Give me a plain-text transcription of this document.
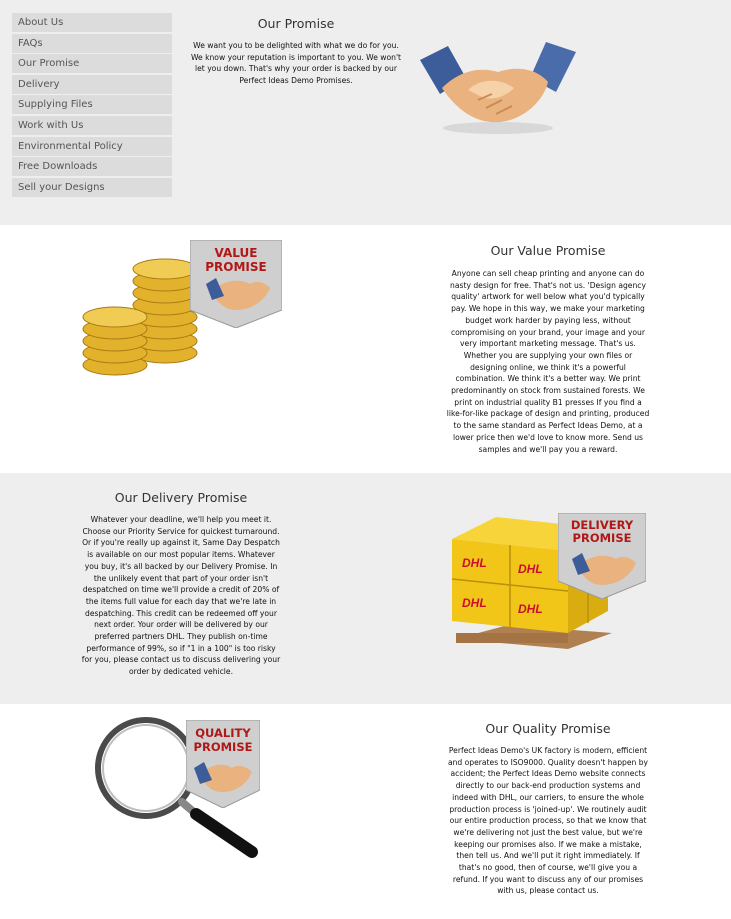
About Us
FAQs
Our Promise
Delivery
Supplying Files
Work with Us
Environmental Policy
Free Downloads
Sell your Designs
Our Promise
We want you to be delighted with what we do for you. We know your reputation is important to you. We won't let you down. That's why your order is backed by our Perfect Ideas Demo Promises.
VALUE
PROMISE
Our Value Promise
Anyone can sell cheap printing and anyone can do nasty design for free. That's not us. 'Design agency quality' artwork for well below what you'd typically pay. We hope in this way, we make your marketing budget work harder by paying less, without compromising on your brand, your image and your very important marketing message. That's us. Whether you are supplying your own files or designing online, we think it's a powerful combination. We think it's a better way. We print predominantly on stock from sustained forests. We print on industrial quality B1 presses If you find a like-for-like package of design and printing, produced to the same standard as Perfect Ideas Demo, at a lower price then we'd love to know more. Send us samples and we'll pay you a reward.
Our Delivery Promise
Whatever your deadline, we'll help you meet it. Choose our Priority Service for quickest turnaround. Or if you're really up against it, Same Day Despatch is available on our most popular items. Whatever you buy, it's all backed by our Delivery Promise. In the unlikely event that part of your order isn't despatched on time we'll provide a credit of 20% of the items full value for each day that we're late in despatching. This credit can be redeemed off your next order. Your order will be delivered by our preferred partners DHL. They publish on-time performance of 99%, so if "1 in a 100" is too risky for you, please contact us to discuss delivering your order by dedicated vehicle.
DHL	DHL
DHL	DHL
DELIVERY
PROMISE
QUALITY
PROMISE
Our Quality Promise
Perfect Ideas Demo's UK factory is modern, efficient and operates to ISO9000. Quality doesn't happen by accident; the Perfect Ideas Demo website connects directly to our back-end production systems and indeed with DHL, our carriers, to ensure the whole production process is 'joined-up'. We routinely audit our entire production process, so that we know that we're delivering not just the best value, but we're keeping our promises also. If we make a mistake, then tell us. And we'll put it right immediately. If that's no good, then of course, we'll give you a refund. If you want to discuss any of our promises with us, please contact us.
